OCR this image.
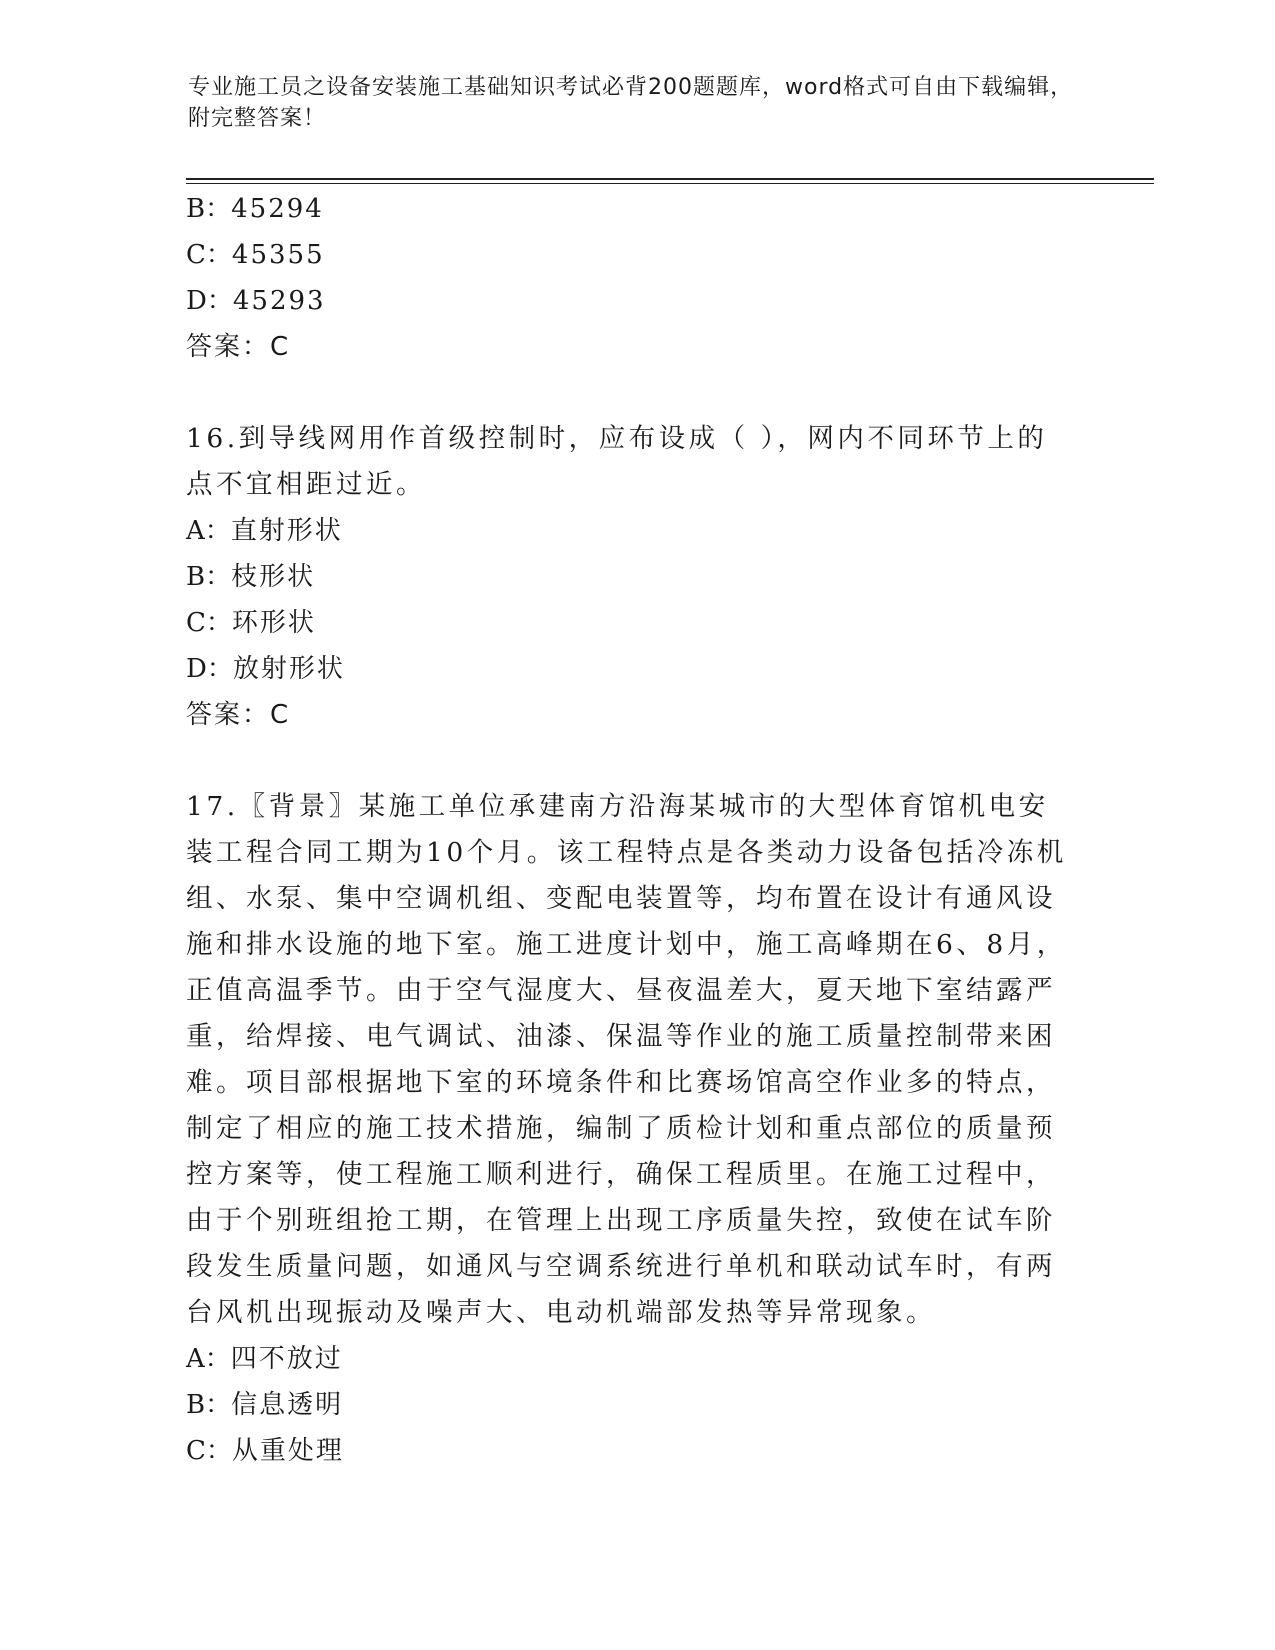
专业施工员之设备安装施工基础知识考试必背200题题库，word格式可自由下载编辑，附完整答案！
B：45294
C：45355
D：45293
答案：C
16.到导线网用作首级控制时，应布设成（ ），网内不同环节上的点不宜相距过近。
A：直射形状
B：枝形状
C：环形状
D：放射形状
答案：C
17.〖背景〗某施工单位承建南方沿海某城市的大型体育馆机电安装工程合同工期为10个月。该工程特点是各类动力设备包括冷冻机组、水泵、集中空调机组、变配电装置等，均布置在设计有通风设施和排水设施的地下室。施工进度计划中，施工高峰期在6、8月，正值高温季节。由于空气湿度大、昼夜温差大，夏天地下室结露严重，给焊接、电气调试、油漆、保温等作业的施工质量控制带来困难。项目部根据地下室的环境条件和比赛场馆高空作业多的特点，制定了相应的施工技术措施，编制了质检计划和重点部位的质量预控方案等，使工程施工顺利进行，确保工程质里。在施工过程中，由于个别班组抢工期，在管理上出现工序质量失控，致使在试车阶段发生质量问题，如通风与空调系统进行单机和联动试车时，有两台风机出现振动及噪声大、电动机端部发热等异常现象。
A：四不放过
B：信息透明
C：从重处理
